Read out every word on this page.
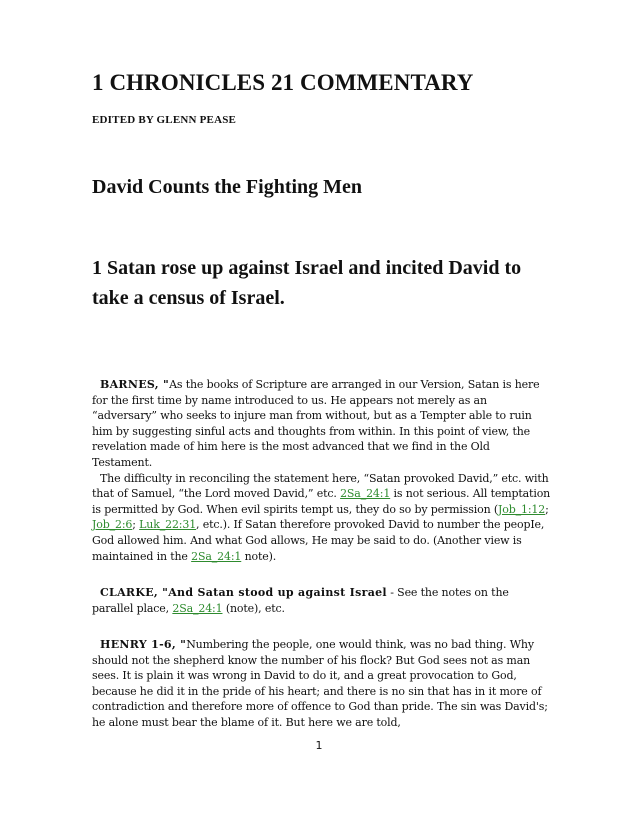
1 CHRONICLES 21 COMMENTARY
EDITED BY GLENN PEASE
David Counts the Fighting Men
1 Satan rose up against Israel and incited David to take a census of Israel.

BARNES, "As the books of Scripture are arranged in our Version, Satan is here for the first time by name introduced to us. He appears not merely as an “adversary” who seeks to injure man from without, but as a Tempter able to ruin him by suggesting sinful acts and thoughts from within. In this point of view, the revelation made of him here is the most advanced that we find in the Old Testament.

The difficulty in reconciling the statement here, “Satan provoked David,” etc. with that of Samuel, “the Lord moved David,” etc. 2Sa_24:1 is not serious. All temptation is permitted by God. When evil spirits tempt us, they do so by permission (Job_1:12; Job_2:6; Luk_22:31, etc.). If Satan therefore provoked David to number the peopIe, God allowed him. And what God allows, He may be said to do. (Another view is maintained in the 2Sa_24:1 note).

CLARKE, "And Satan stood up against Israel - See the notes on the parallel place, 2Sa_24:1 (note), etc.

HENRY 1-6, "Numbering the people, one would think, was no bad thing. Why should not the shepherd know the number of his flock? But God sees not as man sees. It is plain it was wrong in David to do it, and a great provocation to God, because he did it in the pride of his heart; and there is no sin that has in it more of contradiction and therefore more of offence to God than pride. The sin was David's; he alone must bear the blame of it. But here we are told,

1
